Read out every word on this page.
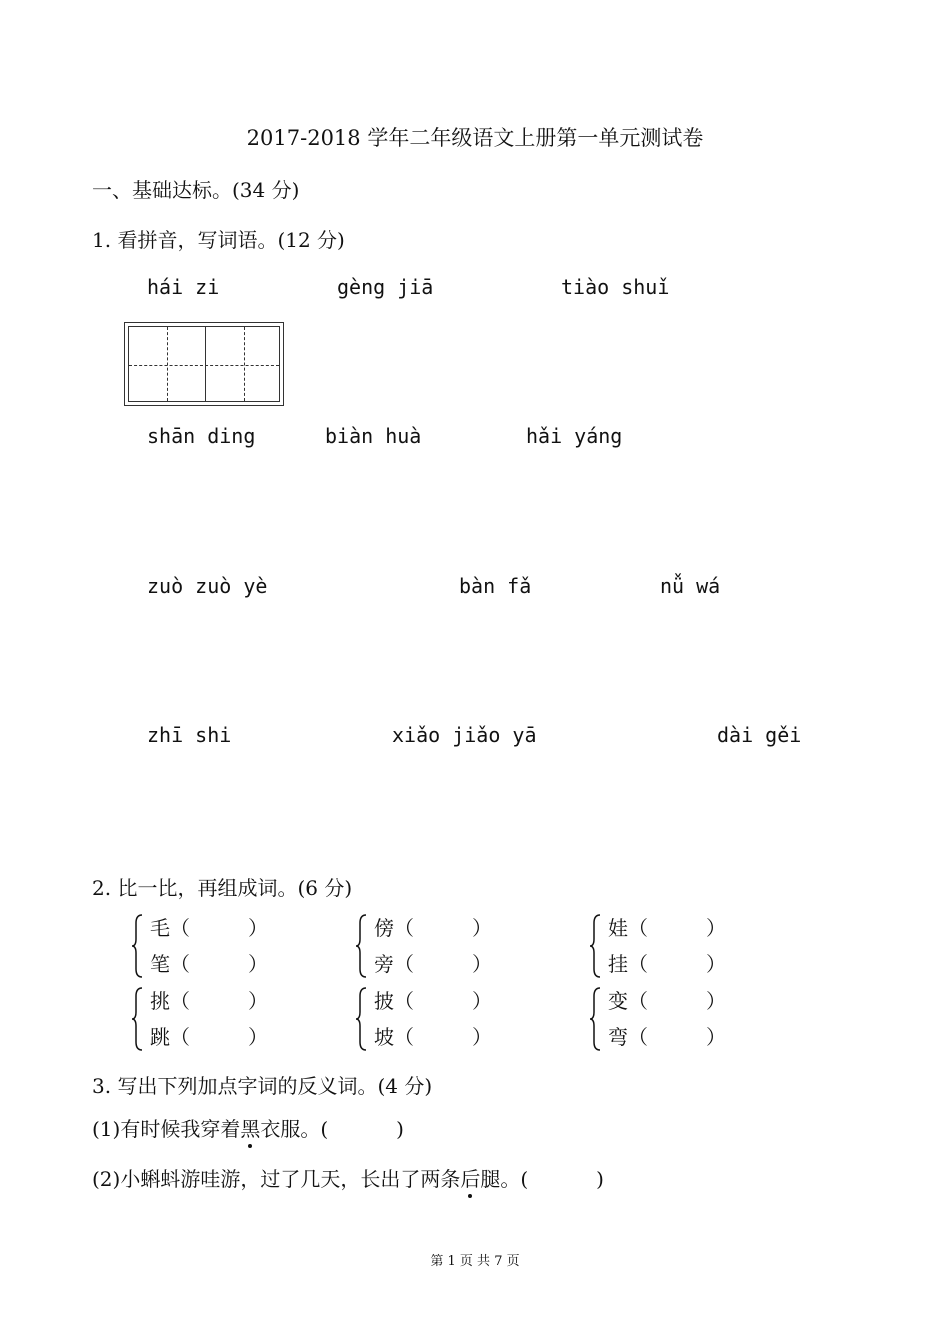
2017-2018 学年二年级语文上册第一单元测试卷
一、基础达标。(34 分)
1. 看拼音，写词语。(12 分)
hái zi	gèng jiā	tiào shuǐ
shān ding	biàn huà	hǎi yáng
zuò zuò yè	bàn fǎ	nǚ wá
zhī shi	xiǎo jiǎo yā	dài gěi
2. 比一比，再组成词。(6 分)
毛（	）
笔（	）
傍（	）
旁（	）
娃（	）
挂（	）
挑（	）
跳（	）
披（	）
坡（	）
变（	）
弯（	）
3. 写出下列加点字词的反义词。(4 分)
(1)有时候我穿着黑衣服。(	)
(2)小蝌蚪游哇游，过了几天，长出了两条后腿。(	)
第 1 页 共 7 页
